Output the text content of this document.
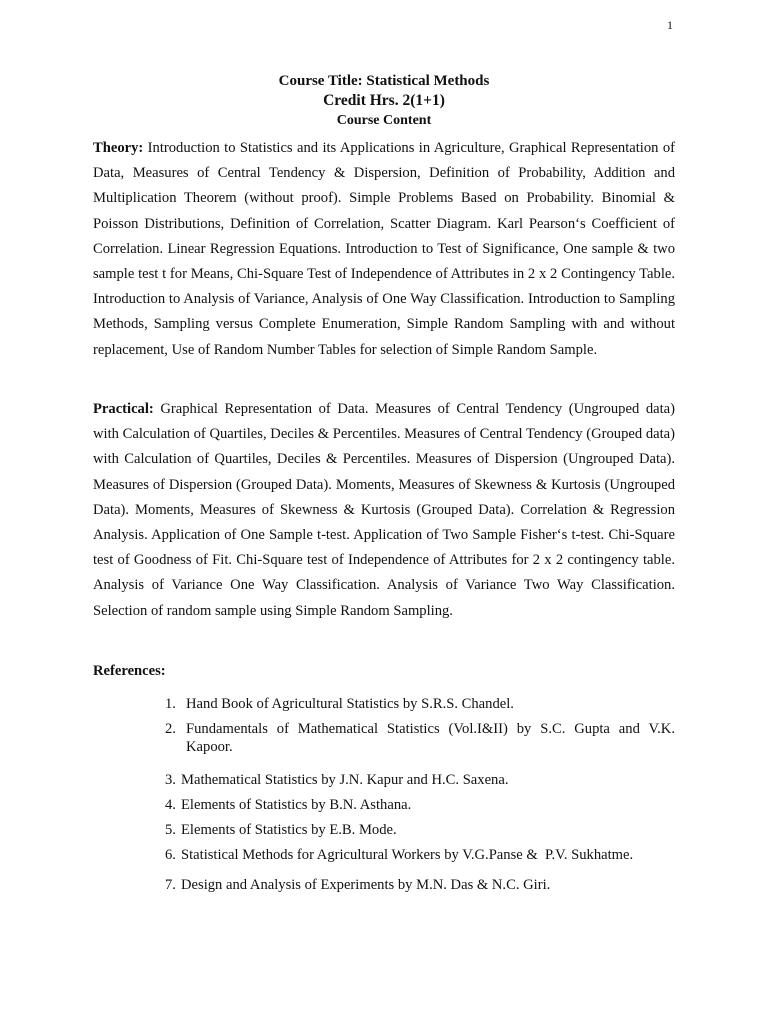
1

Course Title: Statistical Methods

Credit Hrs. 2(1+1)

Course Content

Theory: Introduction to Statistics and its Applications in Agriculture, Graphical Representation of Data, Measures of Central Tendency & Dispersion, Definition of Probability, Addition and Multiplication Theorem (without proof). Simple Problems Based on Probability. Binomial & Poisson Distributions, Definition of Correlation, Scatter Diagram. Karl Pearson‘s Coefficient of Correlation. Linear Regression Equations. Introduction to Test of Significance, One sample & two sample test t for Means, Chi-Square Test of Independence of Attributes in 2 x 2 Contingency Table. Introduction to Analysis of Variance, Analysis of One Way Classification. Introduction to Sampling Methods, Sampling versus Complete Enumeration, Simple Random Sampling with and without replacement, Use of Random Number Tables for selection of Simple Random Sample.

Practical: Graphical Representation of Data. Measures of Central Tendency (Ungrouped data) with Calculation of Quartiles, Deciles & Percentiles. Measures of Central Tendency (Grouped data) with Calculation of Quartiles, Deciles & Percentiles. Measures of Dispersion (Ungrouped Data). Measures of Dispersion (Grouped Data). Moments, Measures of Skewness & Kurtosis (Ungrouped Data). Moments, Measures of Skewness & Kurtosis (Grouped Data). Correlation & Regression Analysis. Application of One Sample t-test. Application of Two Sample Fisher‘s t-test. Chi-Square test of Goodness of Fit. Chi-Square test of Independence of Attributes for 2 x 2 contingency table. Analysis of Variance One Way Classification. Analysis of Variance Two Way Classification. Selection of random sample using Simple Random Sampling.

References:

1. Hand Book of Agricultural Statistics by S.R.S. Chandel.
2. Fundamentals of Mathematical Statistics (Vol.I&II) by S.C. Gupta and V.K. Kapoor.
3. Mathematical Statistics by J.N. Kapur and H.C. Saxena.
4. Elements of Statistics by B.N. Asthana.
5. Elements of Statistics by E.B. Mode.
6. Statistical Methods for Agricultural Workers by V.G.Panse &  P.V. Sukhatme.
7. Design and Analysis of Experiments by M.N. Das & N.C. Giri.
